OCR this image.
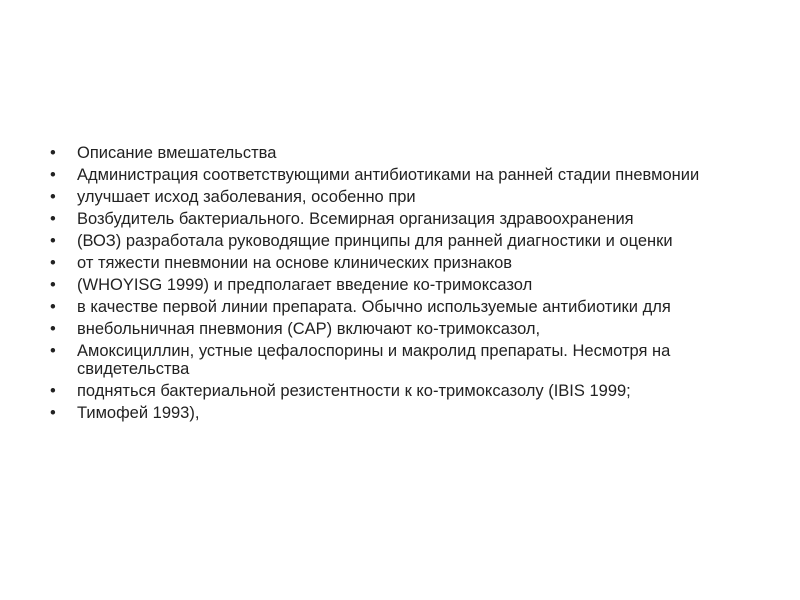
•	Описание вмешательства
•	Администрация соответствующими антибиотиками на ранней стадии пневмонии
•	улучшает исход заболевания, особенно при
•	Возбудитель бактериального. Всемирная организация здравоохранения
•	(ВОЗ) разработала руководящие принципы для ранней диагностики и оценки
•	от тяжести пневмонии на основе клинических признаков
•	(WHOYISG 1999) и предполагает введение ко-тримоксазол
•	в качестве первой линии препарата. Обычно используемые антибиотики для
•	внебольничная пневмония (CAP) включают ко-тримоксазол,
•	Амоксициллин, устные цефалоспорины и макролид препараты. Несмотря на свидетельства
•	подняться бактериальной резистентности к ко-тримоксазолу (IBIS 1999;
•	Тимофей 1993),
